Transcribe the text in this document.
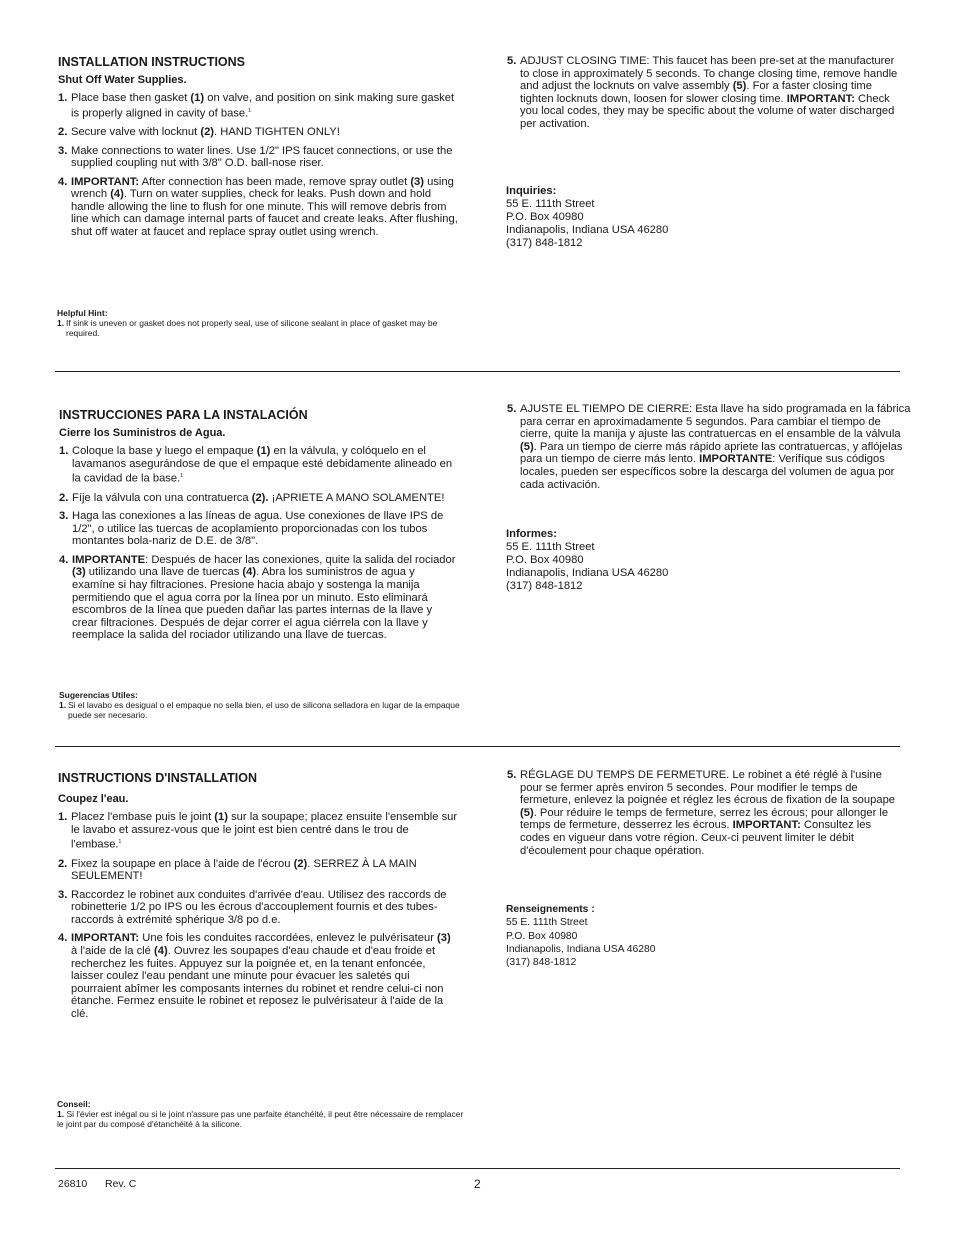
INSTALLATION INSTRUCTIONS
Shut Off Water Supplies.
1. Place base then gasket (1) on valve, and position on sink making sure gasket is properly aligned in cavity of base.$^1$
2. Secure valve with locknut (2). HAND TIGHTEN ONLY!
3. Make connections to water lines. Use 1/2" IPS faucet connections, or use the supplied coupling nut with 3/8" O.D. ball-nose riser.
4. IMPORTANT: After connection has been made, remove spray outlet (3) using wrench (4). Turn on water supplies, check for leaks. Push down and hold handle allowing the line to flush for one minute. This will remove debris from line which can damage internal parts of faucet and create leaks. After flushing, shut off water at faucet and replace spray outlet using wrench.
Helpful Hint:
1. If sink is uneven or gasket does not properly seal, use of silicone sealant in place of gasket may be required.
5. ADJUST CLOSING TIME: This faucet has been pre-set at the manufacturer to close in approximately 5 seconds. To change closing time, remove handle and adjust the locknuts on valve assembly (5). For a faster closing time tighten locknuts down, loosen for slower closing time. IMPORTANT: Check you local codes, they may be specific about the volume of water discharged per activation.
Inquiries:
55 E. 111th Street
P.O. Box 40980
Indianapolis, Indiana USA 46280
(317) 848-1812
INSTRUCCIONES PARA LA INSTALACIÓN
Cierre los Suministros de Agua.
1. Coloque la base y luego el empaque (1) en la válvula, y colóquelo en el lavamanos asegurándose de que el empaque esté debidamente alineado en la cavidad de la base.$^1$
2. Fíje la válvula con una contratuerca (2). ¡APRIETE A MANO SOLAMENTE!
3. Haga las conexiones a las líneas de agua. Use conexiones de llave IPS de 1/2", o utilice las tuercas de acoplamiento proporcionadas con los tubos montantes bola-nariz de D.E. de 3/8".
4. IMPORTANTE: Después de hacer las conexiones, quite la salida del rociador (3) utilizando una llave de tuercas (4). Abra los suministros de agua y examíne si hay filtraciones. Presione hacia abajo y sostenga la manija permitiendo que el agua corra por la línea por un minuto. Esto eliminará escombros de la línea que pueden dañar las partes internas de la llave y crear filtraciones. Después de dejar correr el agua ciérrela con la llave y reemplace la salida del rociador utilizando una llave de tuercas.
Sugerencias Utiles:
1. Si el lavabo es desigual o el empaque no sella bien, el uso de silicona selladora en lugar de la empaque puede ser necesario.
5. AJUSTE EL TIEMPO DE CIERRE: Esta llave ha sido programada en la fábrica para cerrar en aproximadamente 5 segundos. Para cambiar el tiempo de cierre, quite la manija y ajuste las contratuercas en el ensamble de la válvula (5). Para un tiempo de cierre más rápido apriete las contratuercas, y aflójelas para un tiempo de cierre más lento. IMPORTANTE: Verifíque sus códigos locales, pueden ser específicos sobre la descarga del volumen de agua por cada activación.
Informes:
55 E. 111th Street
P.O. Box 40980
Indianapolis, Indiana USA 46280
(317) 848-1812
INSTRUCTIONS D'INSTALLATION
Coupez l'eau.
1. Placez l'embase puis le joint (1) sur la soupape; placez ensuite l'ensemble sur le lavabo et assurez-vous que le joint est bien centré dans le trou de l'embase.$^1$
2. Fixez la soupape en place à l'aide de l'écrou (2). SERREZ À LA MAIN SEULEMENT!
3. Raccordez le robinet aux conduites d'arrivée d'eau. Utilisez des raccords de robinetterie 1/2 po IPS ou les écrous d'accouplement fournis et des tubes-raccords à extrémité sphérique 3/8 po d.e.
4. IMPORTANT: Une fois les conduites raccordées, enlevez le pulvérisateur (3) à l'aide de la clé (4). Ouvrez les soupapes d'eau chaude et d'eau froide et recherchez les fuites. Appuyez sur la poignée et, en la tenant enfoncée, laisser coulez l'eau pendant une minute pour évacuer les saletés qui pourraient abîmer les composants internes du robinet et rendre celui-ci non étanche. Fermez ensuite le robinet et reposez le pulvérisateur à l'aide de la clé.
Conseil:
1. Si l'évier est inégal ou si le joint n'assure pas une parfaite étanchéité, il peut être nécessaire de remplacer le joint par du composé d'étanchéité à la silicone.
5. RÉGLAGE DU TEMPS DE FERMETURE. Le robinet a été réglé à l'usine pour se fermer après environ 5 secondes. Pour modifier le temps de fermeture, enlevez la poignée et réglez les écrous de fixation de la soupape (5). Pour réduire le temps de fermeture, serrez les écrous; pour allonger le temps de fermeture, desserrez les écrous. IMPORTANT: Consultez les codes en vigueur dans votre région. Ceux-ci peuvent limiter le débit d'écoulement pour chaque opération.
Renseignements :
55 E. 111th Street
P.O. Box 40980
Indianapolis, Indiana USA 46280
(317) 848-1812
26810 Rev. C	2
